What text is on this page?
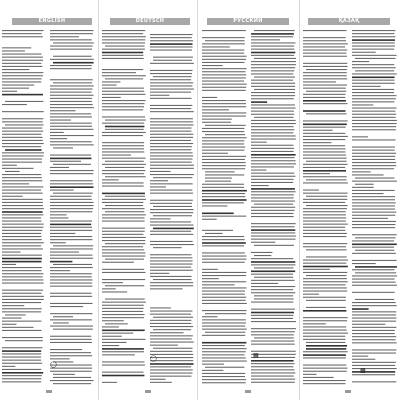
ENGLISH	DEUTSCH	РУССКИЙ	ҚАЗАҚ
◯
◯	▦
▦
